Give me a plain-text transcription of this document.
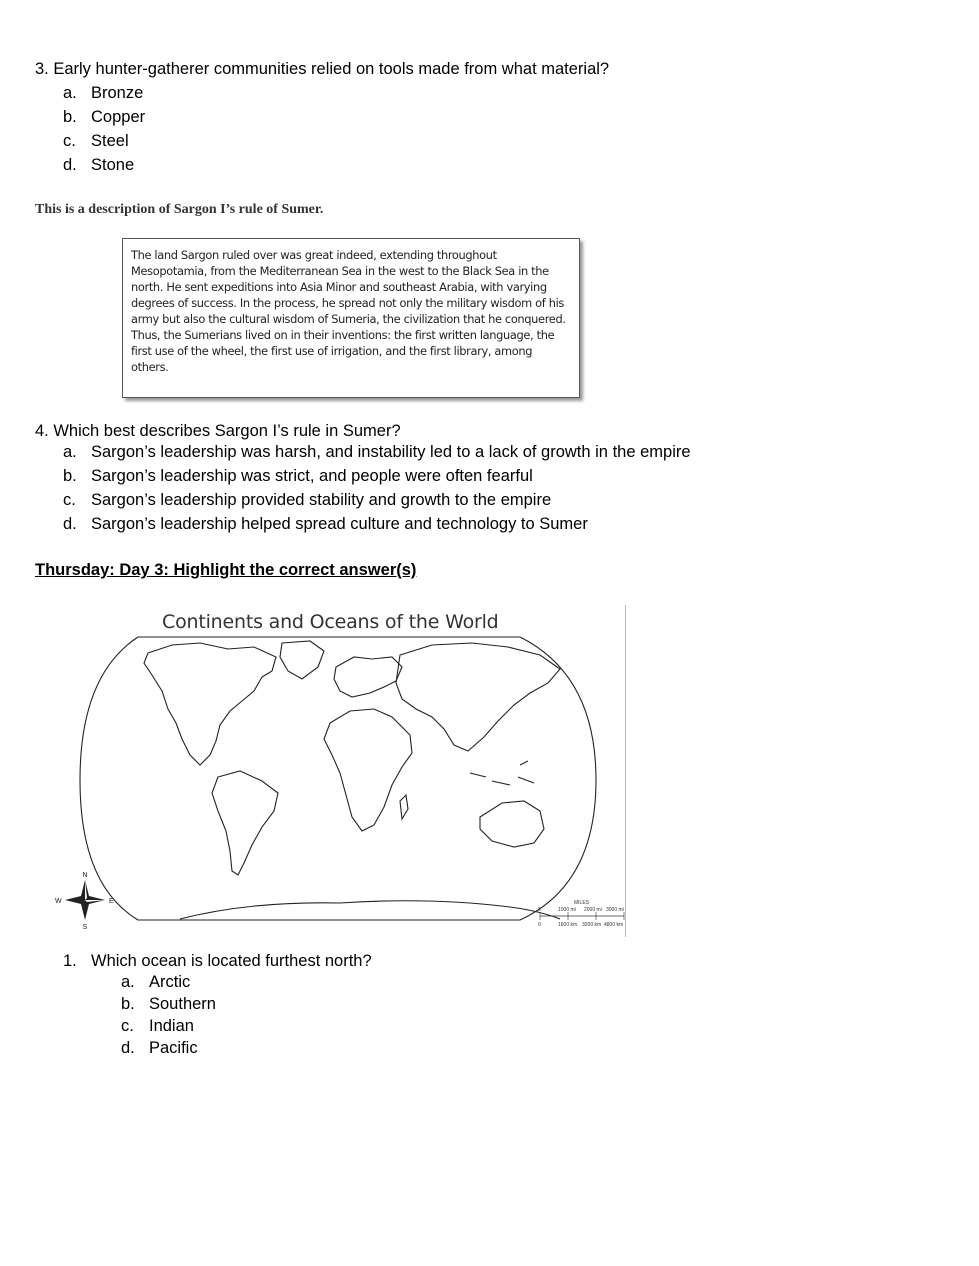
3. Early hunter-gatherer communities relied on tools made from what material?
a. Bronze
b. Copper
c. Steel
d. Stone
This is a description of Sargon I’s rule of Sumer.
The land Sargon ruled over was great indeed, extending throughout Mesopotamia, from the Mediterranean Sea in the west to the Black Sea in the north. He sent expeditions into Asia Minor and southeast Arabia, with varying degrees of success. In the process, he spread not only the military wisdom of his army but also the cultural wisdom of Sumeria, the civilization that he conquered. Thus, the Sumerians lived on in their inventions: the first written language, the first use of the wheel, the first use of irrigation, and the first library, among others.
4. Which best describes Sargon I’s rule in Sumer?
a. Sargon’s leadership was harsh, and instability led to a lack of growth in the empire
b. Sargon’s leadership was strict, and people were often fearful
c. Sargon’s leadership provided stability and growth to the empire
d. Sargon’s leadership helped spread culture and technology to Sumer
Thursday: Day 3: Highlight the correct answer(s)
Continents and Oceans of the World
N
S
E
W	MILES
0	1000 mi 2000 mi 3000 mi
0	1600 km 3200 km 4800 km
1. Which ocean is located furthest north?
a. Arctic
b. Southern
c. Indian
d. Pacific
